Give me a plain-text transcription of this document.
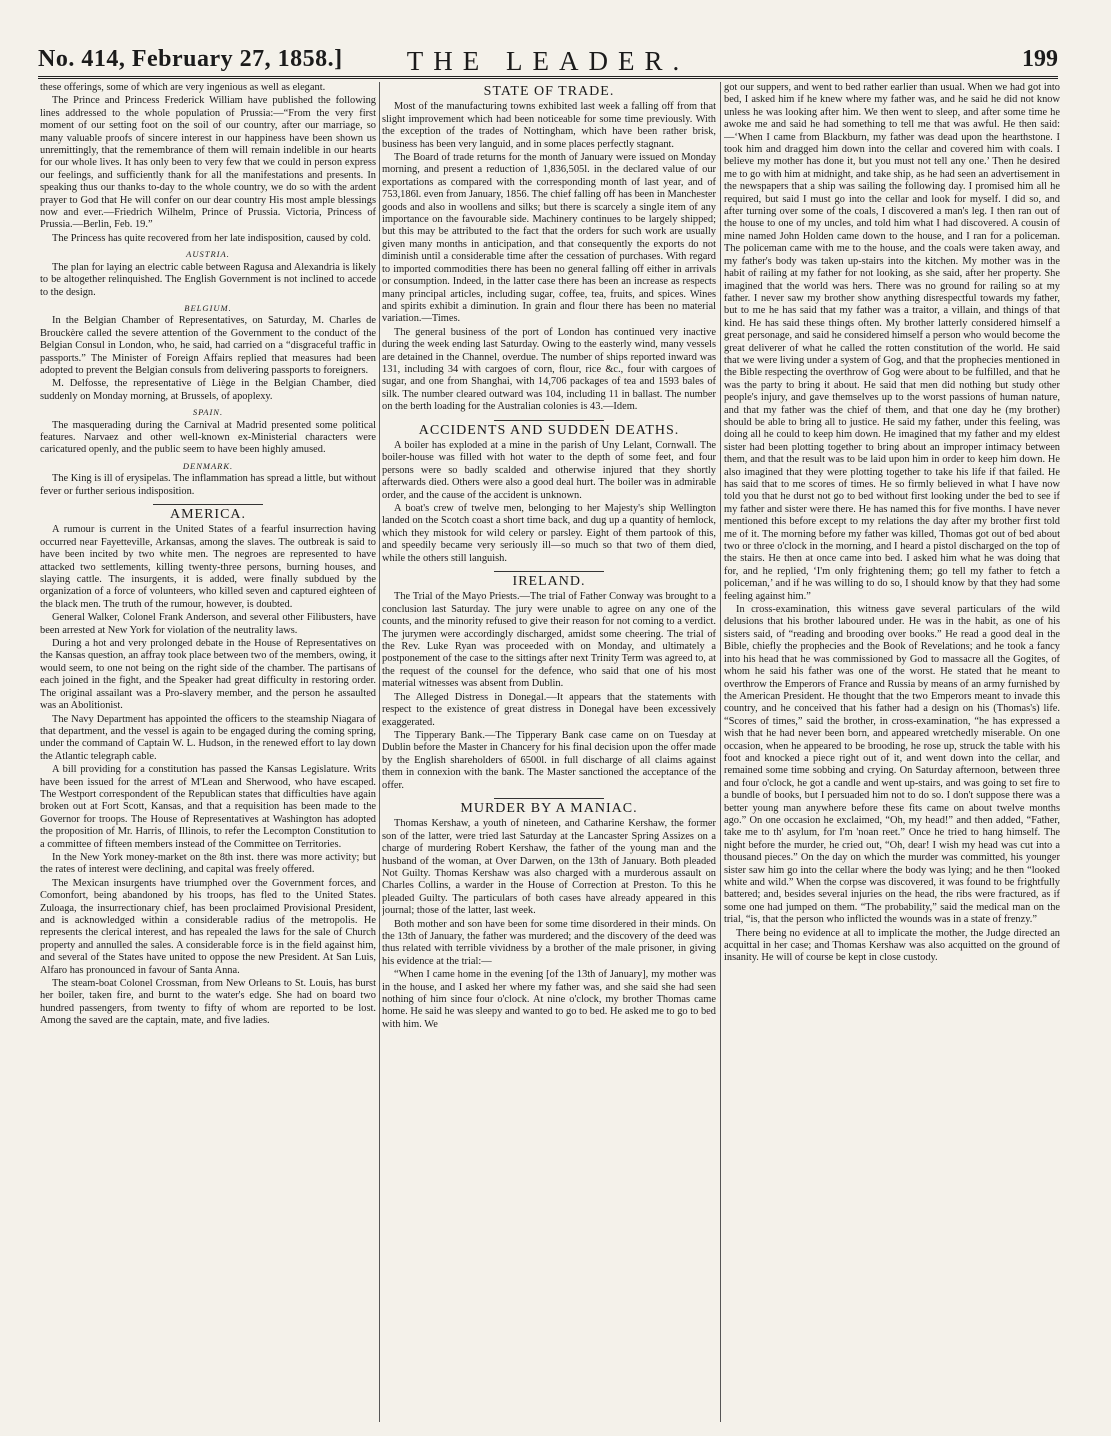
No. 414, February 27, 1858.]	THE LEADER.	199

these offerings, some of which are very ingenious as well as elegant.

The Prince and Princess Frederick William have published the following lines addressed to the whole population of Prussia:—“From the very first moment of our setting foot on the soil of our country, after our marriage, so many valuable proofs of sincere interest in our happiness have been shown us unremittingly, that the remembrance of them will remain indelible in our hearts for our whole lives. It has only been to very few that we could in person express our feelings, and sufficiently thank for all the manifestations and presents. In speaking thus our thanks to-day to the whole country, we do so with the ardent prayer to God that He will confer on our dear country His most ample blessings now and ever.—Friedrich Wilhelm, Prince of Prussia. Victoria, Princess of Prussia.—Berlin, Feb. 19.”

The Princess has quite recovered from her late indisposition, caused by cold.

AUSTRIA.

The plan for laying an electric cable between Ragusa and Alexandria is likely to be altogether relinquished. The English Government is not inclined to accede to the design.

BELGIUM.

In the Belgian Chamber of Representatives, on Saturday, M. Charles de Brouckère called the severe attention of the Government to the conduct of the Belgian Consul in London, who, he said, had carried on a “disgraceful traffic in passports.” The Minister of Foreign Affairs replied that measures had been adopted to prevent the Belgian consuls from delivering passports to foreigners.

M. Delfosse, the representative of Liège in the Belgian Chamber, died suddenly on Monday morning, at Brussels, of apoplexy.

SPAIN.

The masquerading during the Carnival at Madrid presented some political features. Narvaez and other well-known ex-Ministerial characters were caricatured openly, and the public seem to have been highly amused.

DENMARK.

The King is ill of erysipelas. The inflammation has spread a little, but without fever or further serious indisposition.

AMERICA.

A rumour is current in the United States of a fearful insurrection having occurred near Fayetteville, Arkansas, among the slaves. The outbreak is said to have been incited by two white men. The negroes are represented to have attacked two settlements, killing twenty-three persons, burning houses, and slaying cattle. The insurgents, it is added, were finally subdued by the organization of a force of volunteers, who killed seven and captured eighteen of the black men. The truth of the rumour, however, is doubted.

General Walker, Colonel Frank Anderson, and several other Filibusters, have been arrested at New York for violation of the neutrality laws.

During a hot and very prolonged debate in the House of Representatives on the Kansas question, an affray took place between two of the members, owing, it would seem, to one not being on the right side of the chamber. The partisans of each joined in the fight, and the Speaker had great difficulty in restoring order. The original assailant was a Pro-slavery member, and the person he assaulted was an Abolitionist.

The Navy Department has appointed the officers to the steamship Niagara of that department, and the vessel is again to be engaged during the coming spring, under the command of Captain W. L. Hudson, in the renewed effort to lay down the Atlantic telegraph cable.

A bill providing for a constitution has passed the Kansas Legislature. Writs have been issued for the arrest of M'Lean and Sherwood, who have escaped. The Westport correspondent of the Republican states that difficulties have again broken out at Fort Scott, Kansas, and that a requisition has been made to the Governor for troops. The House of Representatives at Washington has adopted the proposition of Mr. Harris, of Illinois, to refer the Lecompton Constitution to a committee of fifteen members instead of the Committee on Territories.

In the New York money-market on the 8th inst. there was more activity; but the rates of interest were declining, and capital was freely offered.

The Mexican insurgents have triumphed over the Government forces, and Comonfort, being abandoned by his troops, has fled to the United States. Zuloaga, the insurrectionary chief, has been proclaimed Provisional President, and is acknowledged within a considerable radius of the metropolis. He represents the clerical interest, and has repealed the laws for the sale of Church property and annulled the sales. A considerable force is in the field against him, and several of the States have united to oppose the new President. At San Luis, Alfaro has pronounced in favour of Santa Anna.

The steam-boat Colonel Crossman, from New Orleans to St. Louis, has burst her boiler, taken fire, and burnt to the water's edge. She had on board two hundred passengers, from twenty to fifty of whom are reported to be lost. Among the saved are the captain, mate, and five ladies.

STATE OF TRADE.

Most of the manufacturing towns exhibited last week a falling off from that slight improvement which had been noticeable for some time previously. With the exception of the trades of Nottingham, which have been rather brisk, business has been very languid, and in some places perfectly stagnant.

The Board of trade returns for the month of January were issued on Monday morning, and present a reduction of 1,836,505l. in the declared value of our exportations as compared with the corresponding month of last year, and of 753,186l. even from January, 1856. The chief falling off has been in Manchester goods and also in woollens and silks; but there is scarcely a single item of any importance on the favourable side. Machinery continues to be largely shipped; but this may be attributed to the fact that the orders for such work are usually given many months in anticipation, and that consequently the exports do not diminish until a considerable time after the cessation of purchases. With regard to imported commodities there has been no general falling off either in arrivals or consumption. Indeed, in the latter case there has been an increase as respects many principal articles, including sugar, coffee, tea, fruits, and spices. Wines and spirits exhibit a diminution. In grain and flour there has been no material variation.—Times.

The general business of the port of London has continued very inactive during the week ending last Saturday. Owing to the easterly wind, many vessels are detained in the Channel, overdue. The number of ships reported inward was 131, including 34 with cargoes of corn, flour, rice &c., four with cargoes of sugar, and one from Shanghai, with 14,706 packages of tea and 1593 bales of silk. The number cleared outward was 104, including 11 in ballast. The number on the berth loading for the Australian colonies is 43.—Idem.

ACCIDENTS AND SUDDEN DEATHS.

A boiler has exploded at a mine in the parish of Uny Lelant, Cornwall. The boiler-house was filled with hot water to the depth of some feet, and four persons were so badly scalded and otherwise injured that they shortly afterwards died. Others were also a good deal hurt. The boiler was in admirable order, and the cause of the accident is unknown.

A boat's crew of twelve men, belonging to her Majesty's ship Wellington landed on the Scotch coast a short time back, and dug up a quantity of hemlock, which they mistook for wild celery or parsley. Eight of them partook of this, and speedily became very seriously ill—so much so that two of them died, while the others still languish.

IRELAND.

The Trial of the Mayo Priests.—The trial of Father Conway was brought to a conclusion last Saturday. The jury were unable to agree on any one of the counts, and the minority refused to give their reason for not coming to a verdict. The jurymen were accordingly discharged, amidst some cheering. The trial of the Rev. Luke Ryan was proceeded with on Monday, and ultimately a postponement of the case to the sittings after next Trinity Term was agreed to, at the request of the counsel for the defence, who said that one of his most material witnesses was absent from Dublin.

The Alleged Distress in Donegal.—It appears that the statements with respect to the existence of great distress in Donegal have been excessively exaggerated.

The Tipperary Bank.—The Tipperary Bank case came on on Tuesday at Dublin before the Master in Chancery for his final decision upon the offer made by the English shareholders of 6500l. in full discharge of all claims against them in connexion with the bank. The Master sanctioned the acceptance of the offer.

MURDER BY A MANIAC.

Thomas Kershaw, a youth of nineteen, and Catharine Kershaw, the former son of the latter, were tried last Saturday at the Lancaster Spring Assizes on a charge of murdering Robert Kershaw, the father of the young man and the husband of the woman, at Over Darwen, on the 13th of January. Both pleaded Not Guilty. Thomas Kershaw was also charged with a murderous assault on Charles Collins, a warder in the House of Correction at Preston. To this he pleaded Guilty. The particulars of both cases have already appeared in this journal; those of the latter, last week.

Both mother and son have been for some time disordered in their minds. On the 13th of January, the father was murdered; and the discovery of the deed was thus related with terrible vividness by a brother of the male prisoner, in giving his evidence at the trial:—

“When I came home in the evening [of the 13th of January], my mother was in the house, and I asked her where my father was, and she said she had seen nothing of him since four o'clock. At nine o'clock, my brother Thomas came home. He said he was sleepy and wanted to go to bed. He asked me to go to bed with him. We

got our suppers, and went to bed rather earlier than usual. When we had got into bed, I asked him if he knew where my father was, and he said he did not know unless he was looking after him. We then went to sleep, and after some time he awoke me and said he had something to tell me that was awful. He then said:—‘When I came from Blackburn, my father was dead upon the hearthstone. I took him and dragged him down into the cellar and covered him with coals. I believe my mother has done it, but you must not tell any one.’ Then he desired me to go with him at midnight, and take ship, as he had seen an advertisement in the newspapers that a ship was sailing the following day. I promised him all he required, but said I must go into the cellar and look for myself. I did so, and after turning over some of the coals, I discovered a man's leg. I then ran out of the house to one of my uncles, and told him what I had discovered. A cousin of mine named John Holden came down to the house, and I ran for a policeman. The policeman came with me to the house, and the coals were taken away, and my father's body was taken up-stairs into the kitchen. My mother was in the habit of railing at my father for not looking, as she said, after her property. She imagined that the world was hers. There was no ground for railing so at my father. I never saw my brother show anything disrespectful towards my father, but to me he has said that my father was a traitor, a villain, and things of that kind. He has said these things often. My brother latterly considered himself a great personage, and said he considered himself a person who would become the great deliverer of what he called the rotten constitution of the world. He said that we were living under a system of Gog, and that the prophecies mentioned in the Bible respecting the overthrow of Gog were about to be fulfilled, and that he was the party to bring it about. He said that men did nothing but study other people's injury, and gave themselves up to the worst passions of human nature, and that my father was the chief of them, and that one day he (my brother) should be able to bring all to justice. He said my father, under this feeling, was doing all he could to keep him down. He imagined that my father and my eldest sister had been plotting together to bring about an improper intimacy between them, and that the result was to be laid upon him in order to keep him down. He also imagined that they were plotting together to take his life if that failed. He has said that to me scores of times. He so firmly believed in what I have now told you that he durst not go to bed without first looking under the bed to see if my father and sister were there. He has named this for five months. I have never mentioned this before except to my relations the day after my brother first told me of it. The morning before my father was killed, Thomas got out of bed about two or three o'clock in the morning, and I heard a pistol discharged on the top of the stairs. He then at once came into bed. I asked him what he was doing that for, and he replied, ‘I'm only frightening them; go tell my father to fetch a policeman,’ and if he was willing to do so, I should know by that they had some feeling against him.”

In cross-examination, this witness gave several particulars of the wild delusions that his brother laboured under. He was in the habit, as one of his sisters said, of “reading and brooding over books.” He read a good deal in the Bible, chiefly the prophecies and the Book of Revelations; and he took a fancy into his head that he was commissioned by God to massacre all the Gogites, of whom he said his father was one of the worst. He stated that he meant to overthrow the Emperors of France and Russia by means of an army furnished by the American President. He thought that the two Emperors meant to invade this country, and he conceived that his father had a design on his (Thomas's) life. “Scores of times,” said the brother, in cross-examination, “he has expressed a wish that he had never been born, and appeared wretchedly miserable. On one occasion, when he appeared to be brooding, he rose up, struck the table with his foot and knocked a piece right out of it, and went down into the cellar, and remained some time sobbing and crying. On Saturday afternoon, between three and four o'clock, he got a candle and went up-stairs, and was going to set fire to a bundle of books, but I persuaded him not to do so. I don't suppose there was a better young man anywhere before these fits came on about twelve months ago.” On one occasion he exclaimed, “Oh, my head!” and then added, “Father, take me to th' asylum, for I'm 'noan reet.” Once he tried to hang himself. The night before the murder, he cried out, “Oh, dear! I wish my head was cut into a thousand pieces.” On the day on which the murder was committed, his younger sister saw him go into the cellar where the body was lying; and he then “looked white and wild.” When the corpse was discovered, it was found to be frightfully battered; and, besides several injuries on the head, the ribs were fractured, as if some one had jumped on them. “The probability,” said the medical man on the trial, “is, that the person who inflicted the wounds was in a state of frenzy.”

There being no evidence at all to implicate the mother, the Judge directed an acquittal in her case; and Thomas Kershaw was also acquitted on the ground of insanity. He will of course be kept in close custody.
